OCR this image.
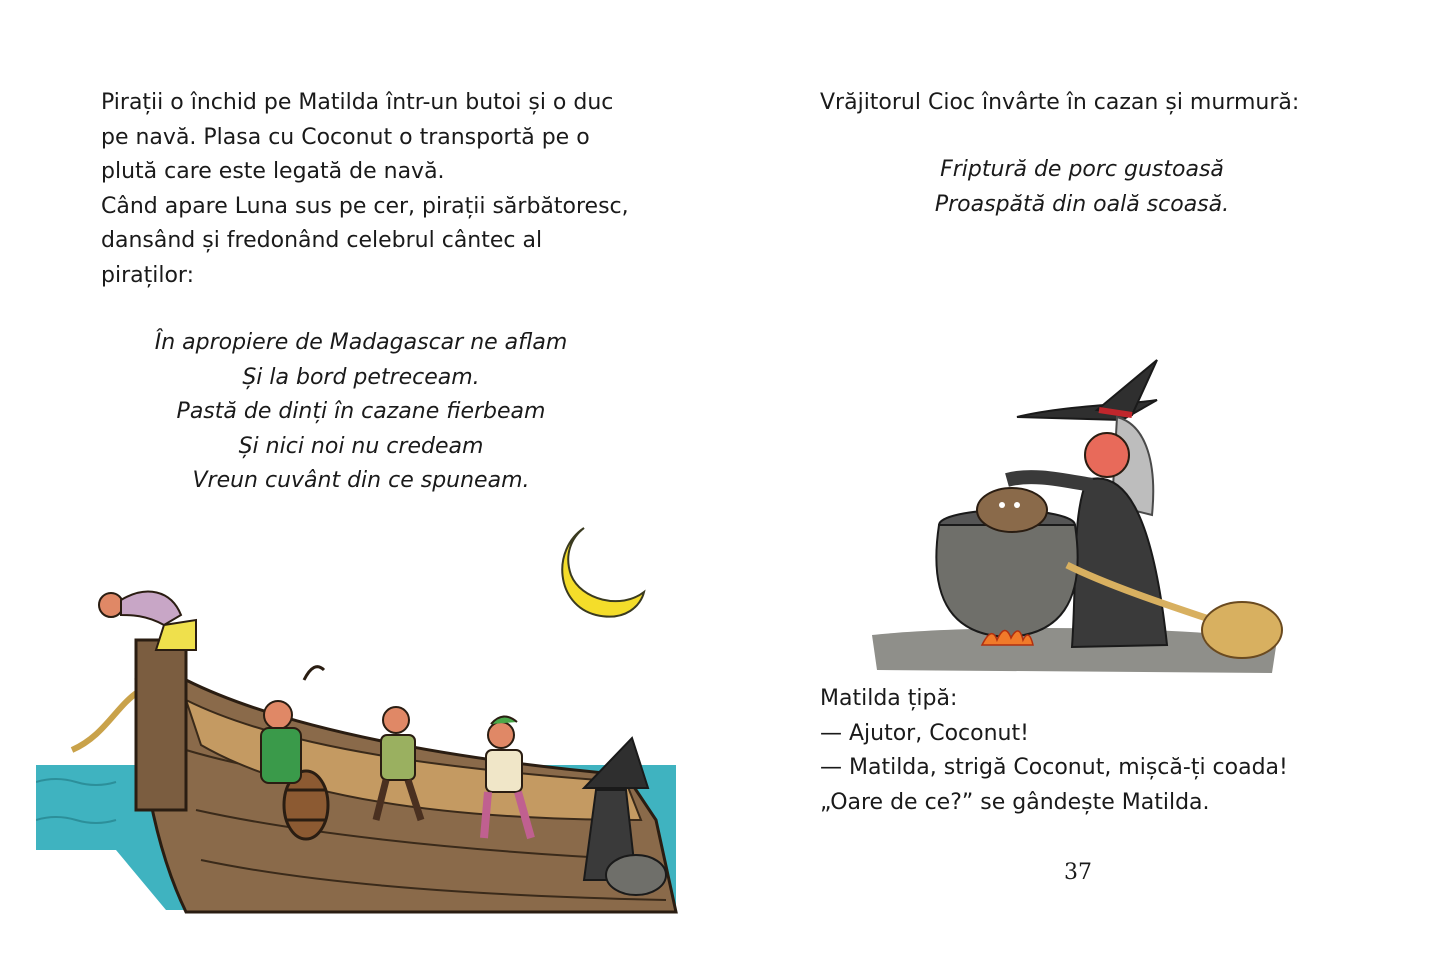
Pirații o închid pe Matilda într-un butoi și o duc

pe navă. Plasa cu Coconut o transportă pe o

plută care este legată de navă.

Când apare Luna sus pe cer, pirații sărbătoresc,

dansând și fredonând celebrul cântec al

piraților:

În apropiere de Madagascar ne aflam
Și la bord petreceam.
Pastă de dinți în cazane fierbeam
Și nici noi nu credeam
Vreun cuvânt din ce spuneam.
Vrăjitorul Cioc învârte în cazan și murmură:
Friptură de porc gustoasă
Proaspătă din oală scoasă.
Matilda țipă:
— Ajutor, Coconut!
— Matilda, strigă Coconut, mișcă-ți coada!
„Oare de ce?” se gândește Matilda.
37
